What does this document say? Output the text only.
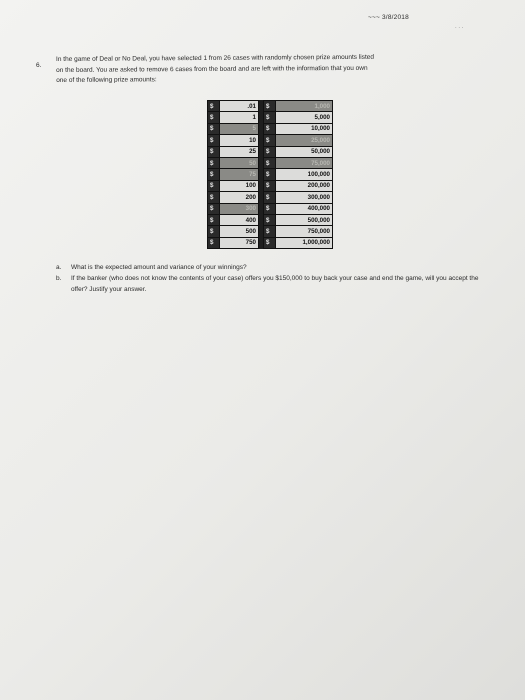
~~~ 3/8/2018
. . .
6.

In the game of Deal or No Deal, you have selected 1 from 26 cases with randomly chosen prize amounts listed

on the board. You are asked to remove 6 cases from the board and are left with the information that you own

one of the following prize amounts:

$	.01		$	1,000
$	1		$	5,000
$	5		$	10,000
$	10		$	25,000
$	25		$	50,000
$	50		$	75,000
$	75		$	100,000
$	100		$	200,000
$	200		$	300,000
$	300		$	400,000
$	400		$	500,000
$	500		$	750,000
$	750		$	1,000,000
a.	What is the expected amount and variance of your winnings?
b.	If the banker (who does not know the contents of your case) offers you $150,000 to buy back your case and end the game, will you accept the offer? Justify your answer.
